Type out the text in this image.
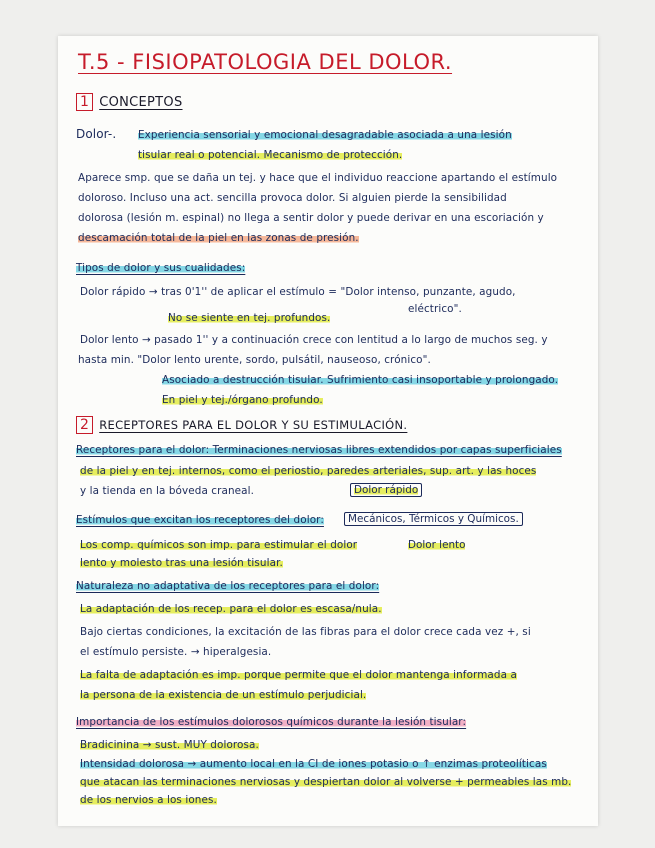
T.5 - FISIOPATOLOGIA DEL DOLOR.
1 CONCEPTOS
Dolor-. Experiencia sensorial y emocional desagradable asociada a una lesión
tisular real o potencial. Mecanismo de protección.
Aparece smp. que se daña un tej. y hace que el individuo reaccione apartando el estímulo
doloroso. Incluso una act. sencilla provoca dolor. Si alguien pierde la sensibilidad
dolorosa (lesión m. espinal) no llega a sentir dolor y puede derivar en una escoriación y
descamación total de la piel en las zonas de presión.
Tipos de dolor y sus cualidades:
Dolor rápido → tras 0'1'' de aplicar el estímulo = "Dolor intenso, punzante, agudo,
eléctrico".
No se siente en tej. profundos.
Dolor lento → pasado 1'' y a continuación crece con lentitud a lo largo de muchos seg. y
hasta min. "Dolor lento urente, sordo, pulsátil, nauseoso, crónico".
Asociado a destrucción tisular. Sufrimiento casi insoportable y prolongado.
En piel y tej./órgano profundo.
2 RECEPTORES PARA EL DOLOR Y SU ESTIMULACIÓN.
Receptores para el dolor: Terminaciones nerviosas libres extendidos por capas superficiales
de la piel y en tej. internos, como el periostio, paredes arteriales, sup. art. y las hoces
y la tienda en la bóveda craneal.	Dolor rápido
Estímulos que excitan los receptores del dolor:	Mecánicos, Térmicos y Químicos.
Los comp. químicos son imp. para estimular el dolor	Dolor lento
lento y molesto tras una lesión tisular.
Naturaleza no adaptativa de los receptores para el dolor:
La adaptación de los recep. para el dolor es escasa/nula.
Bajo ciertas condiciones, la excitación de las fibras para el dolor crece cada vez +, si
el estímulo persiste. → hiperalgesia.
La falta de adaptación es imp. porque permite que el dolor mantenga informada a
la persona de la existencia de un estímulo perjudicial.
Importancia de los estímulos dolorosos químicos durante la lesión tisular:
Bradicinina → sust. MUY dolorosa.
Intensidad dolorosa → aumento local en la CI de iones potasio o ↑ enzimas proteolíticas
que atacan las terminaciones nerviosas y despiertan dolor al volverse + permeables las mb.
de los nervios a los iones.
